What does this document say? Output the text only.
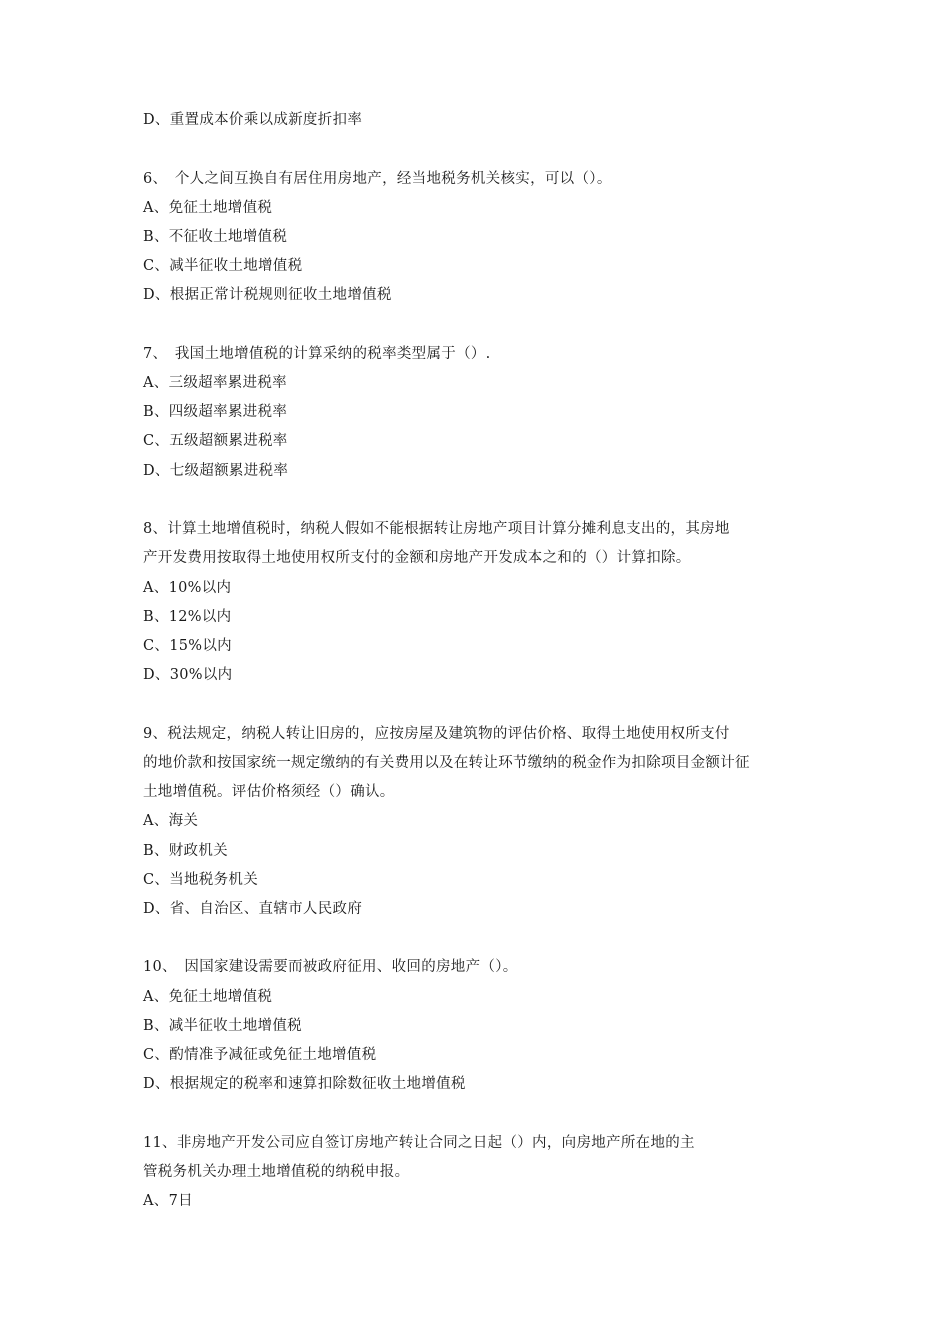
D、重置成本价乘以成新度折扣率
6、　个人之间互换自有居住用房地产，经当地税务机关核实，可以（）。
A、免征土地增值税
B、不征收土地增值税
C、减半征收土地增值税
D、根据正常计税规则征收土地增值税
7、　我国土地增值税的计算采纳的税率类型属于（）.
A、三级超率累进税率
B、四级超率累进税率
C、五级超额累进税率
D、七级超额累进税率
8、计算土地增值税时，纳税人假如不能根据转让房地产项目计算分摊利息支出的，其房地
产开发费用按取得土地使用权所支付的金额和房地产开发成本之和的（）计算扣除。
A、10%以内
B、12%以内
C、15%以内
D、30%以内
9、税法规定，纳税人转让旧房的，应按房屋及建筑物的评估价格、取得土地使用权所支付
的地价款和按国家统一规定缴纳的有关费用以及在转让环节缴纳的税金作为扣除项目金额计征
土地增值税。评估价格须经（）确认。
A、海关
B、财政机关
C、当地税务机关
D、省、自治区、直辖市人民政府
10、　因国家建设需要而被政府征用、收回的房地产（）。
A、免征土地增值税
B、减半征收土地增值税
C、酌情准予减征或免征土地增值税
D、根据规定的税率和速算扣除数征收土地增值税
11、非房地产开发公司应自签订房地产转让合同之日起（）内，向房地产所在地的主
管税务机关办理土地增值税的纳税申报。
A、7日
